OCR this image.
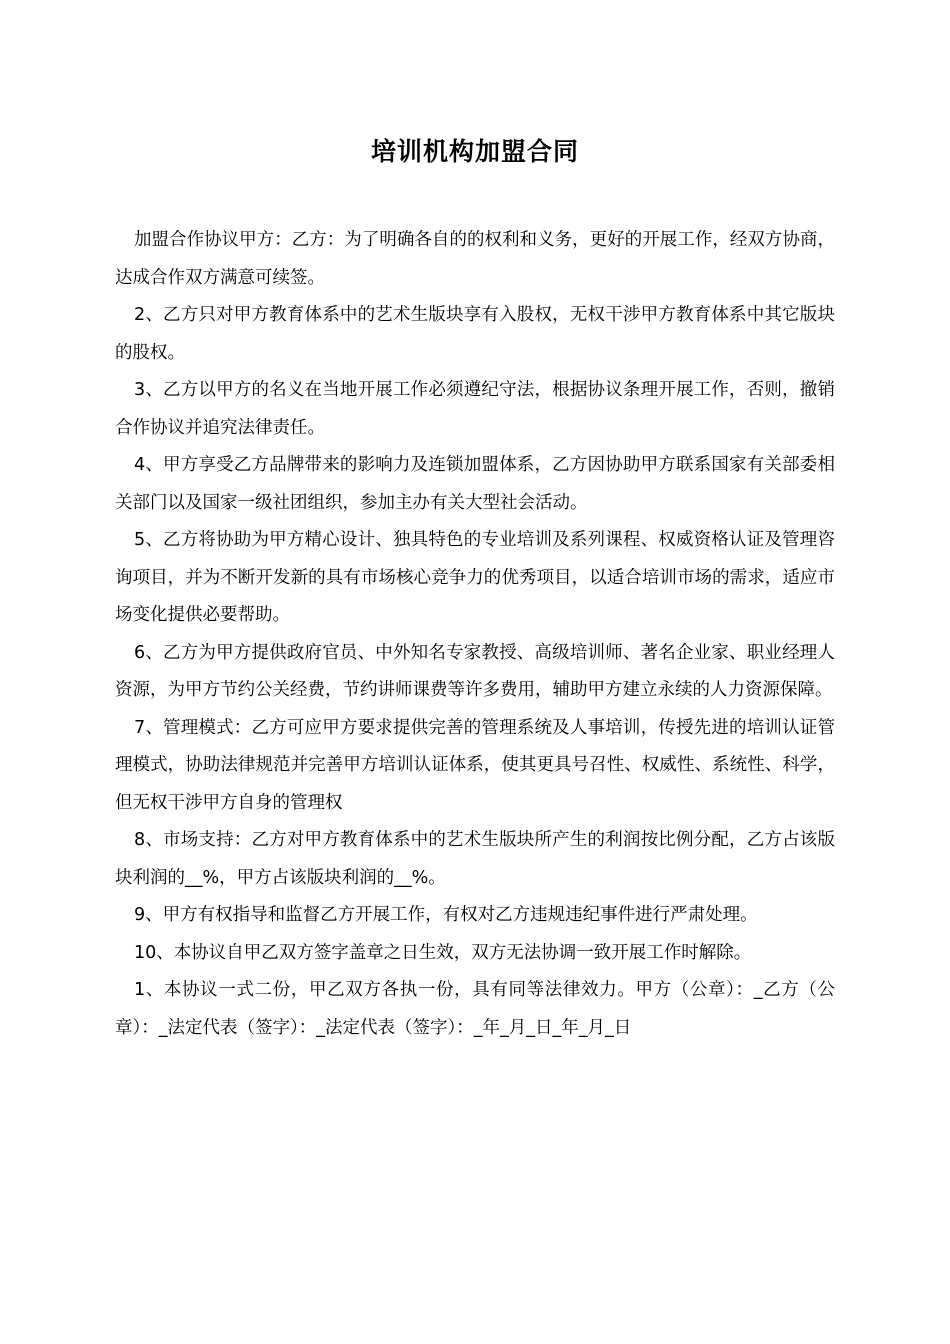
培训机构加盟合同

加盟合作协议甲方：乙方：为了明确各自的的权利和义务，更好的开展工作，经双方协商，达成合作双方满意可续签。

2、乙方只对甲方教育体系中的艺术生版块享有入股权，无权干涉甲方教育体系中其它版块的股权。

3、乙方以甲方的名义在当地开展工作必须遵纪守法，根据协议条理开展工作，否则，撤销合作协议并追究法律责任。

4、甲方享受乙方品牌带来的影响力及连锁加盟体系，乙方因协助甲方联系国家有关部委相关部门以及国家一级社团组织，参加主办有关大型社会活动。

5、乙方将协助为甲方精心设计、独具特色的专业培训及系列课程、权威资格认证及管理咨询项目，并为不断开发新的具有市场核心竞争力的优秀项目，以适合培训市场的需求，适应市场变化提供必要帮助。

6、乙方为甲方提供政府官员、中外知名专家教授、高级培训师、著名企业家、职业经理人资源，为甲方节约公关经费，节约讲师课费等许多费用，辅助甲方建立永续的人力资源保障。

7、管理模式：乙方可应甲方要求提供完善的管理系统及人事培训，传授先进的培训认证管理模式，协助法律规范并完善甲方培训认证体系，使其更具号召性、权威性、系统性、科学，但无权干涉甲方自身的管理权

8、市场支持：乙方对甲方教育体系中的艺术生版块所产生的利润按比例分配，乙方占该版块利润的__%，甲方占该版块利润的__%。

9、甲方有权指导和监督乙方开展工作，有权对乙方违规违纪事件进行严肃处理。

10、本协议自甲乙双方签字盖章之日生效，双方无法协调一致开展工作时解除。

1、本协议一式二份，甲乙双方各执一份，具有同等法律效力。甲方（公章）：_乙方（公章）：_法定代表（签字）：_法定代表（签字）：_年_月_日_年_月_日
